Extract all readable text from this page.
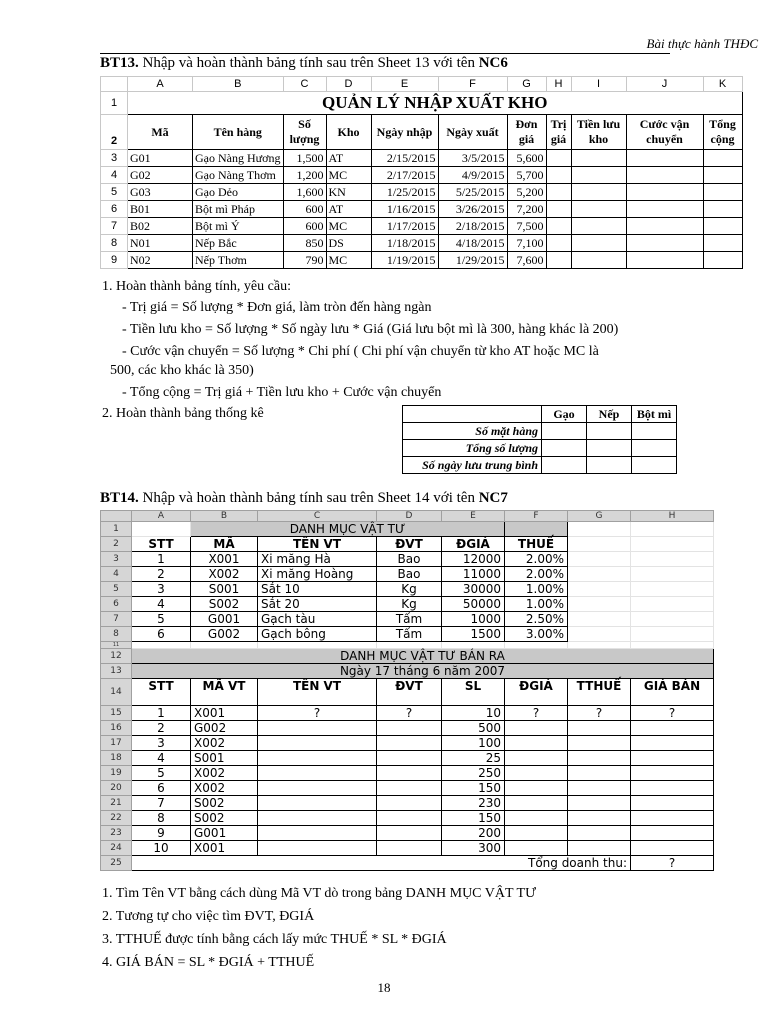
Bài thực hành THĐC
BT13. Nhập và hoàn thành bảng tính sau trên Sheet 13 với tên NC6
	A	B	C	D	E	F	G	H	I	J	K
1	QUẢN LÝ NHẬP XUẤT KHO										
2	Mã	Tên hàng	Số lượng	Kho	Ngày nhập	Ngày xuất	Đơn giá	Trị giá	Tiền lưu kho	Cước vận chuyển	Tổng cộng
3	G01	Gạo Nàng Hương	1,500	AT	2/15/2015	3/5/2015	5,600				
4	G02	Gạo Nàng Thơm	1,200	MC	2/17/2015	4/9/2015	5,700				
5	G03	Gạo Dẻo	1,600	KN	1/25/2015	5/25/2015	5,200				
6	B01	Bột mì Pháp	600	AT	1/16/2015	3/26/2015	7,200				
7	B02	Bột mì Ý	600	MC	1/17/2015	2/18/2015	7,500				
8	N01	Nếp Bắc	850	DS	1/18/2015	4/18/2015	7,100				
9	N02	Nếp Thơm	790	MC	1/19/2015	1/29/2015	7,600				
1. Hoàn thành bảng tính, yêu cầu:
- Trị giá = Số lượng * Đơn giá, làm tròn đến hàng ngàn
- Tiền lưu kho = Số lượng * Số ngày lưu * Giá (Giá lưu bột mì là 300, hàng khác là 200)
- Cước vận chuyển = Số lượng * Chi phí ( Chi phí vận chuyển từ kho AT hoặc MC là
500, các kho khác là 350)
- Tổng cộng = Trị giá + Tiền lưu kho + Cước vận chuyển
2. Hoàn thành bảng thống kê
		Gạo	Nếp	Bột mì
Số mặt hàng			
Tổng số lượng			
Số ngày lưu trung bình			
BT14. Nhập và hoàn thành bảng tính sau trên Sheet 14 với tên NC7
	A	B	C	D	E	F	G	H
1		DANH MỤC VẬT TƯ						
2	STT	MÃ	TÊN VT	ĐVT	ĐGIÁ	THUẾ		
3	1	X001	Xi măng Hà	Bao	12000	2.00%		
4	2	X002	Xi măng Hoàng	Bao	11000	2.00%		
5	3	S001	Sắt 10	Kg	30000	1.00%		
6	4	S002	Sắt 20	Kg	50000	1.00%		
7	5	G001	Gạch tàu	Tấm	1000	2.50%		
8	6	G002	Gạch bông	Tấm	1500	3.00%		
11								
12	DANH MỤC VẬT TƯ BÁN RA							
13	Ngày 17 tháng 6 năm 2007							
14	STT	MÃ VT	TÊN VT	ĐVT	SL	ĐGIÁ	TTHUẾ	GIÁ BÁN
15	1	X001	?	?	10	?	?	?
16	2	G002			500			
17	3	X002			100			
18	4	S001			25			
19	5	X002			250			
20	6	X002			150			
21	7	S002			230			
22	8	S002			150			
23	9	G001			200			
24	10	X001			300			
25	Tổng doanh thu:							?
1. Tìm Tên VT bằng cách dùng Mã VT dò trong bảng DANH MỤC VẬT TƯ
2. Tương tự cho việc tìm ĐVT, ĐGIÁ
3. TTHUẾ được tính bằng cách lấy mức THUẾ * SL * ĐGIÁ
4. GIÁ BÁN = SL * ĐGIÁ + TTHUẾ
18
